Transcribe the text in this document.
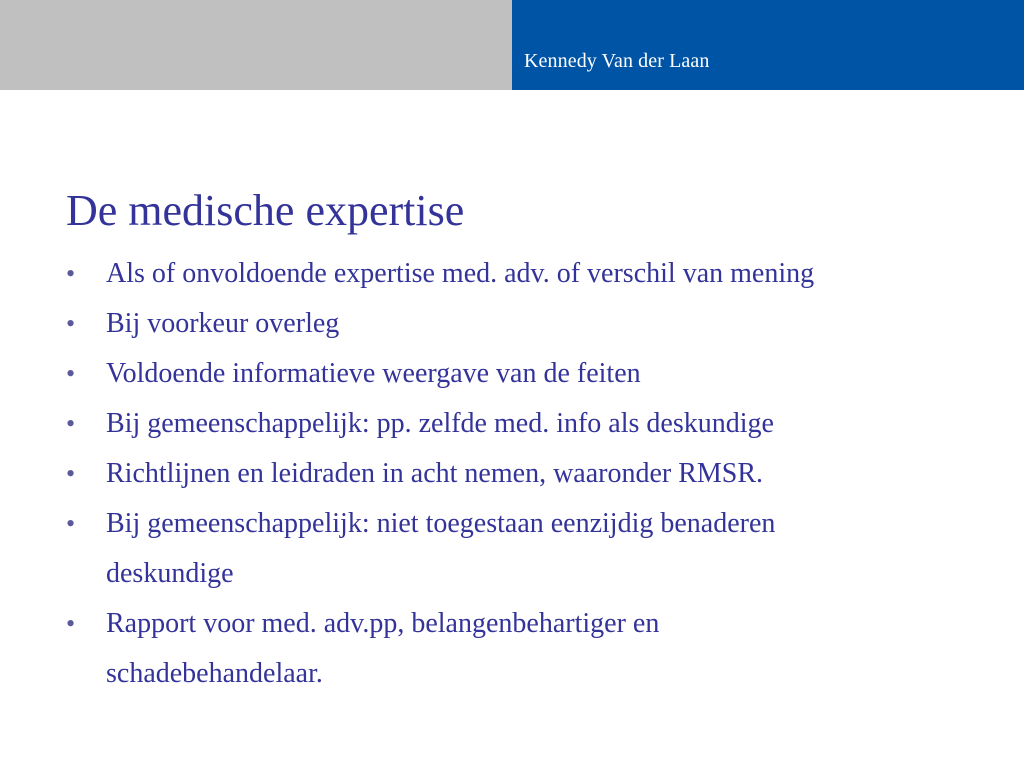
Kennedy Van der Laan
De medische expertise
•	Als of onvoldoende expertise med. adv. of verschil van mening
•	Bij voorkeur overleg
•	Voldoende informatieve weergave van de feiten
•	Bij gemeenschappelijk: pp. zelfde med. info als deskundige
•	Richtlijnen en leidraden in acht nemen, waaronder RMSR.
•	Bij gemeenschappelijk: niet toegestaan eenzijdig benaderen
deskundige
•	Rapport voor med. adv.pp, belangenbehartiger en
schadebehandelaar.
